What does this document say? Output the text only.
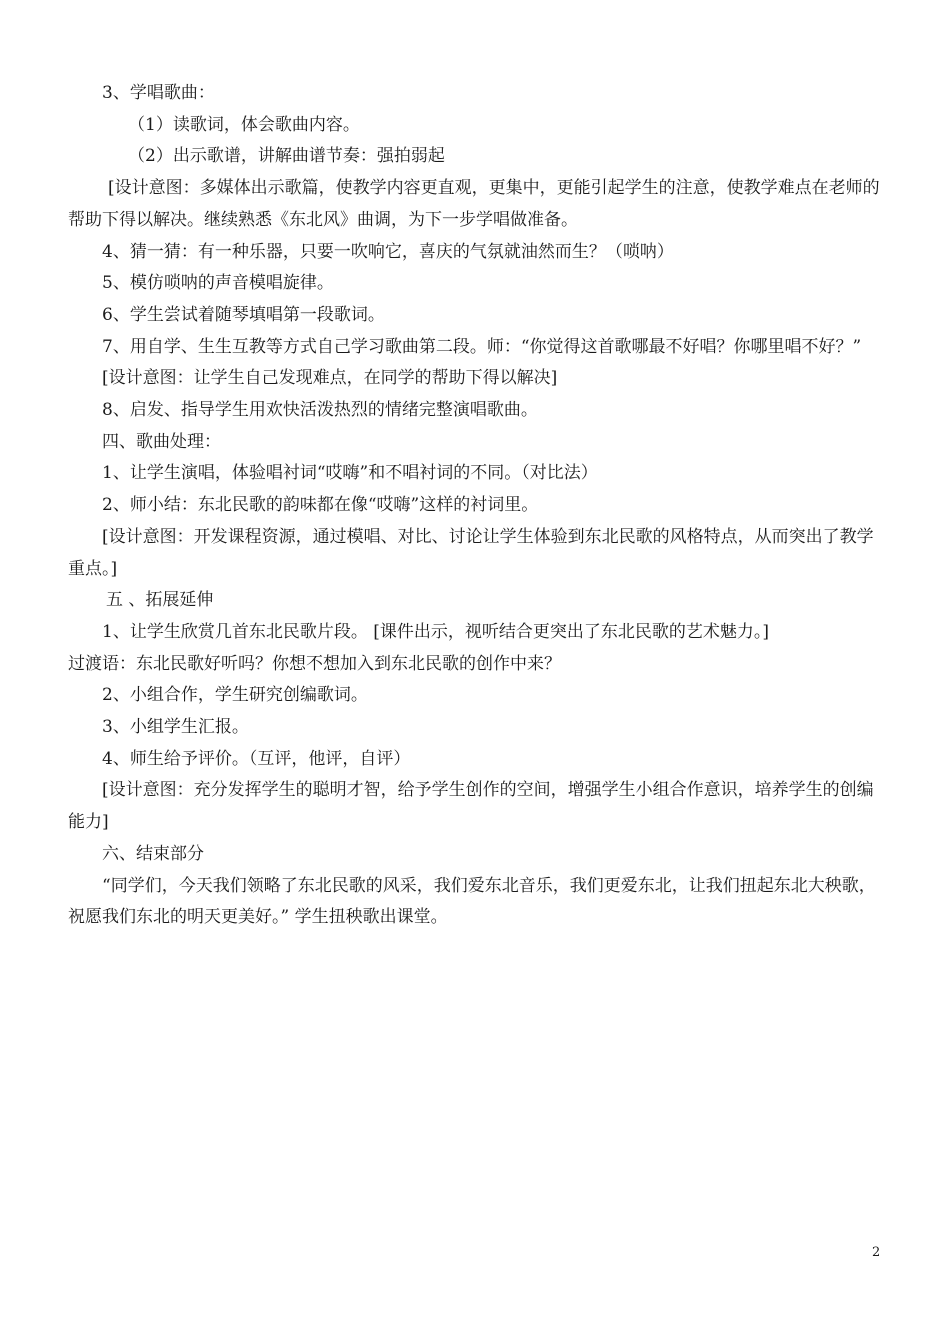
3、学唱歌曲：

（1）读歌词，体会歌曲内容。

（2）出示歌谱，讲解曲谱节奏：强拍弱起

[设计意图：多媒体出示歌篇，使教学内容更直观，更集中，更能引起学生的注意，使教学难点在老师的帮助下得以解决。继续熟悉《东北风》曲调，为下一步学唱做准备。

4、猜一猜：有一种乐器，只要一吹响它，喜庆的气氛就油然而生？（唢呐）

5、模仿唢呐的声音模唱旋律。

6、学生尝试着随琴填唱第一段歌词。

7、用自学、生生互教等方式自己学习歌曲第二段。师：“你觉得这首歌哪最不好唱？你哪里唱不好？”

[设计意图：让学生自己发现难点，在同学的帮助下得以解决]

8、启发、指导学生用欢快活泼热烈的情绪完整演唱歌曲。

四、歌曲处理：

1、让学生演唱，体验唱衬词“哎嗨”和不唱衬词的不同。（对比法）

2、师小结：东北民歌的韵味都在像“哎嗨”这样的衬词里。

[设计意图：开发课程资源，通过模唱、对比、讨论让学生体验到东北民歌的风格特点，从而突出了教学重点。]

五 、拓展延伸

1、让学生欣赏几首东北民歌片段。 [课件出示，视听结合更突出了东北民歌的艺术魅力。]

过渡语：东北民歌好听吗？你想不想加入到东北民歌的创作中来？

2、小组合作，学生研究创编歌词。

3、小组学生汇报。

4、师生给予评价。（互评，他评，自评）

[设计意图：充分发挥学生的聪明才智，给予学生创作的空间，增强学生小组合作意识，培养学生的创编能力]

六、结束部分

“同学们，今天我们领略了东北民歌的风采，我们爱东北音乐，我们更爱东北，让我们扭起东北大秧歌，祝愿我们东北的明天更美好。” 学生扭秧歌出课堂。

2
